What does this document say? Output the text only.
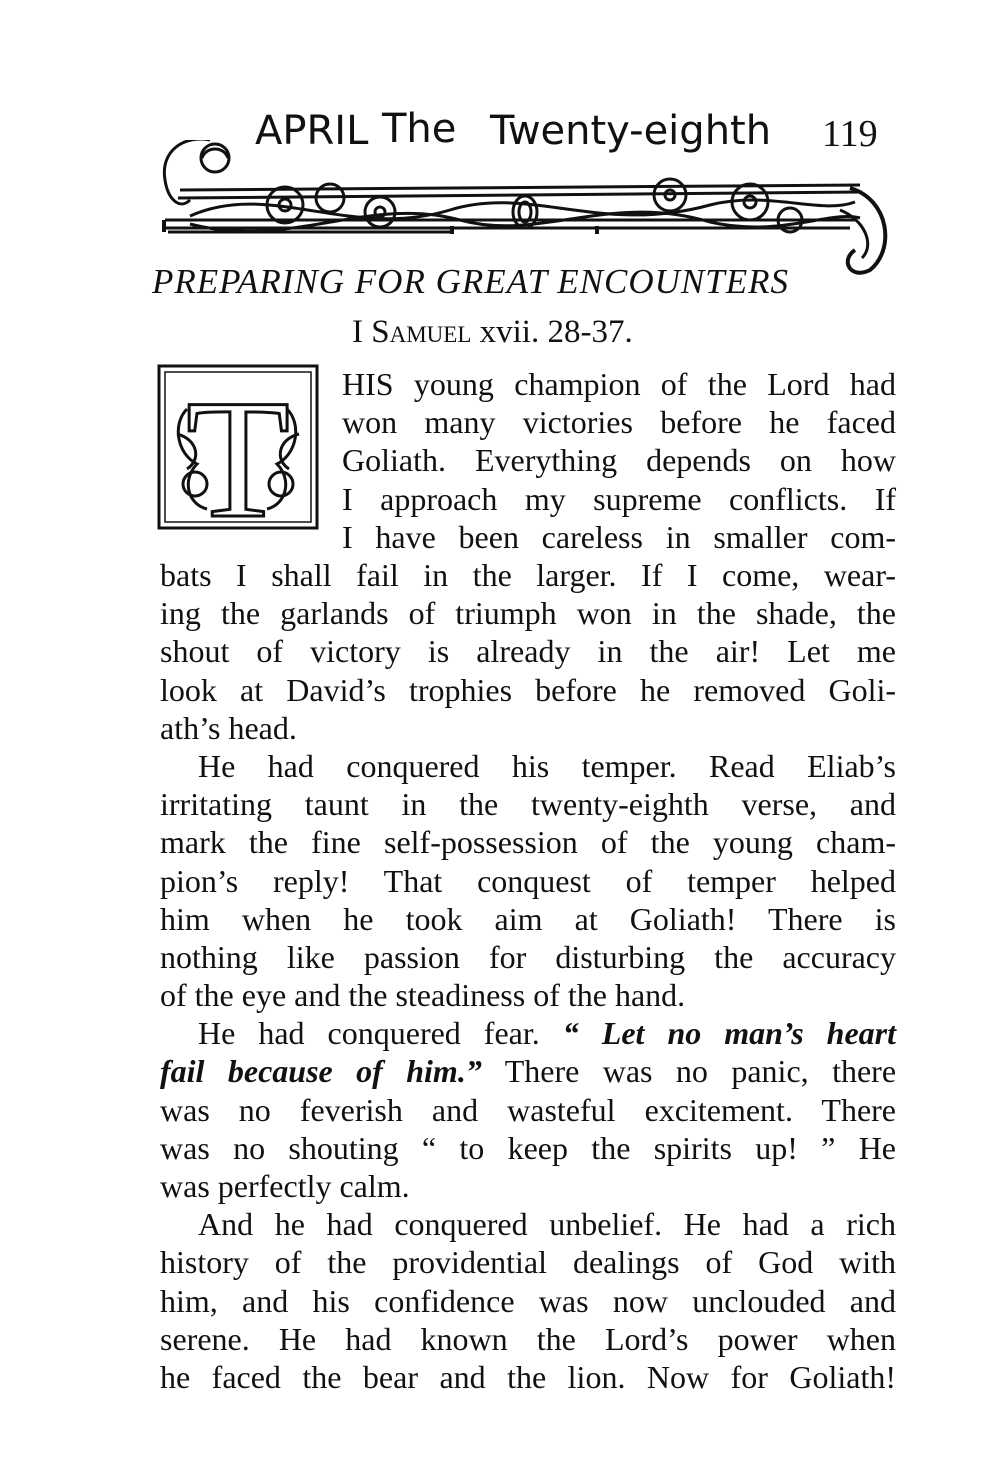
APRIL The Twenty-eighth 119
PREPARING FOR GREAT ENCOUNTERS
I Samuel xvii. 28-37.
T HIS young champion of the Lord had
won many victories before he faced
Goliath. Everything depends on how
I approach my supreme conflicts. If
I have been careless in smaller com-
bats I shall fail in the larger. If I come, wear-
ing the garlands of triumph won in the shade, the
shout of victory is already in the air! Let me
look at David’s trophies before he removed Goli-
ath’s head.
He had conquered his temper. Read Eliab’s
irritating taunt in the twenty-eighth verse, and
mark the fine self-possession of the young cham-
pion’s reply! That conquest of temper helped
him when he took aim at Goliath! There is
nothing like passion for disturbing the accuracy
of the eye and the steadiness of the hand.
He had conquered fear. “ Let no man’s heart
fail because of him.” There was no panic, there
was no feverish and wasteful excitement. There
was no shouting “ to keep the spirits up! ” He
was perfectly calm.
And he had conquered unbelief. He had a rich
history of the providential dealings of God with
him, and his confidence was now unclouded and
serene. He had known the Lord’s power when
he faced the bear and the lion. Now for Goliath!
